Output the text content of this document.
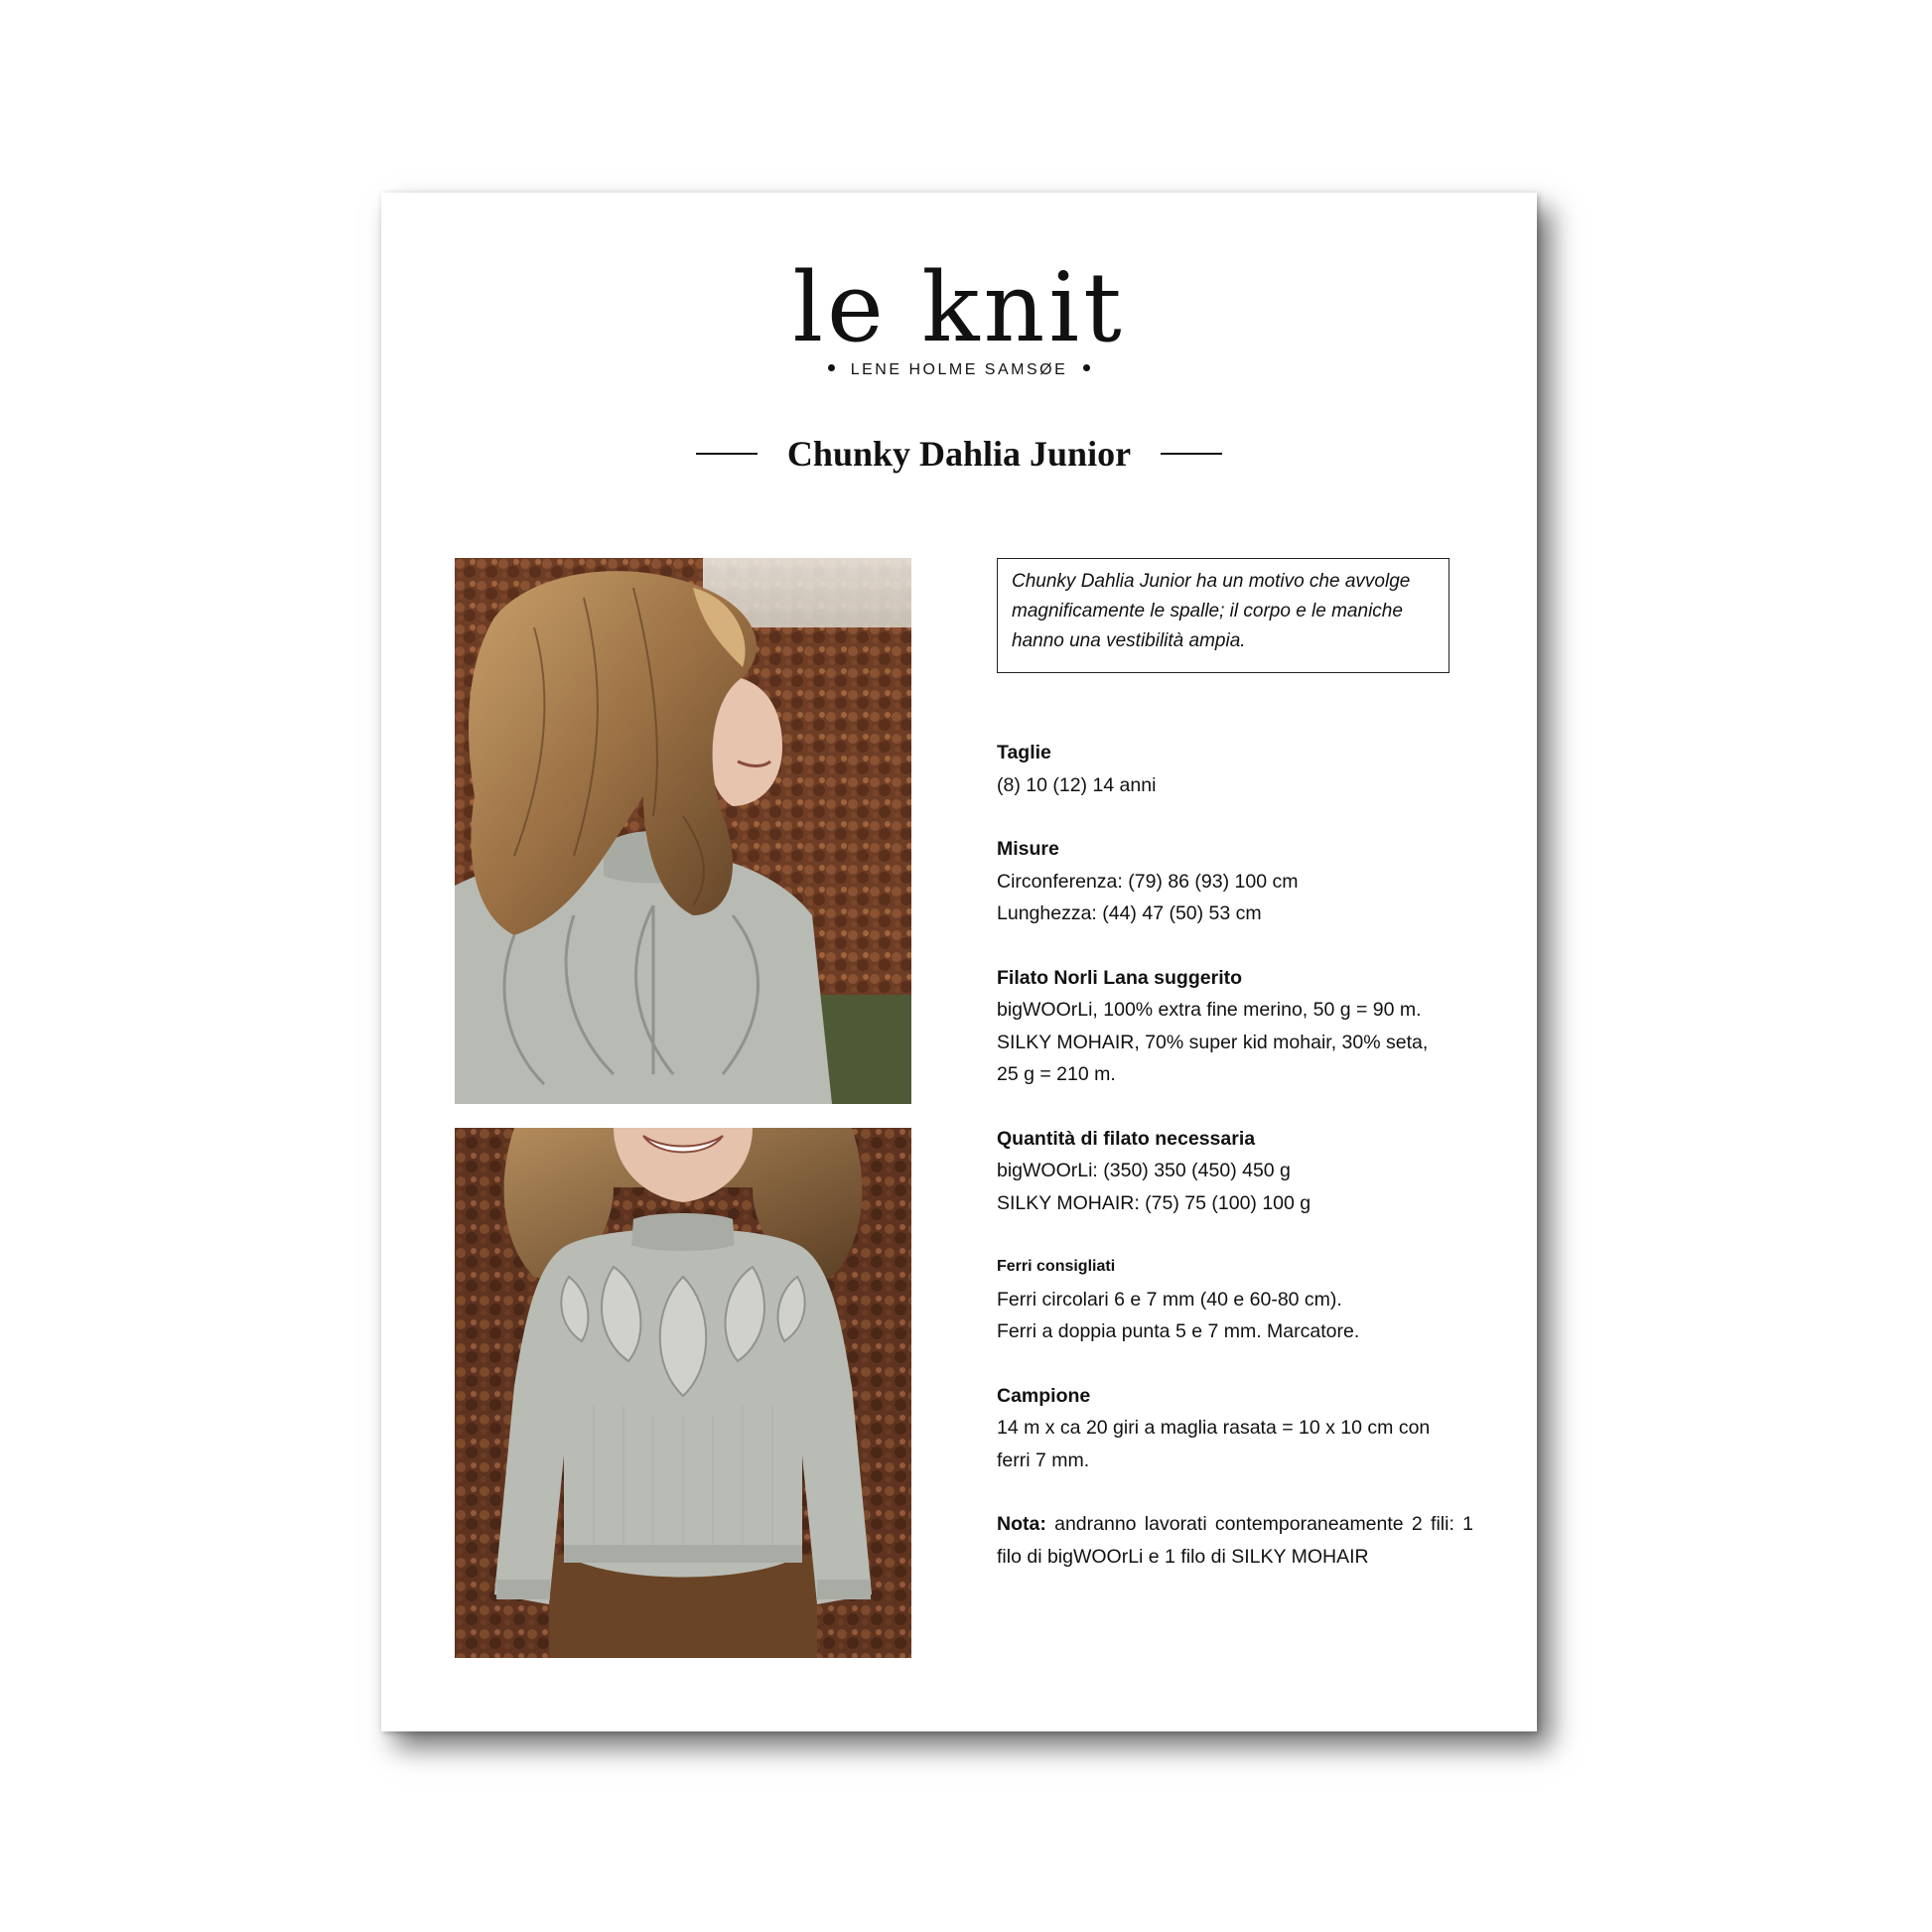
le knit
LENE HOLME SAMSØE
Chunky Dahlia Junior
Chunky Dahlia Junior ha un motivo che avvolge magnificamente le spalle; il corpo e le maniche hanno una vestibilità ampia.
Taglie
(8) 10 (12) 14 anni
Misure
Circonferenza: (79) 86 (93) 100 cm
Lunghezza: (44) 47 (50) 53 cm
Filato Norli Lana suggerito
bigWOOrLi, 100% extra fine merino, 50 g = 90 m.
SILKY MOHAIR, 70% super kid mohair, 30% seta,
25 g = 210 m.
Quantità di filato necessaria
bigWOOrLi: (350) 350 (450) 450 g
SILKY MOHAIR: (75) 75 (100) 100 g
Ferri consigliati
Ferri circolari 6 e 7 mm (40 e 60-80 cm).
Ferri a doppia punta 5 e 7 mm. Marcatore.
Campione
14 m x ca 20 giri a maglia rasata = 10 x 10 cm con
ferri 7 mm.
Nota: andranno lavorati contemporaneamente 2 fili: 1 filo di bigWOOrLi e 1 filo di SILKY MOHAIR
